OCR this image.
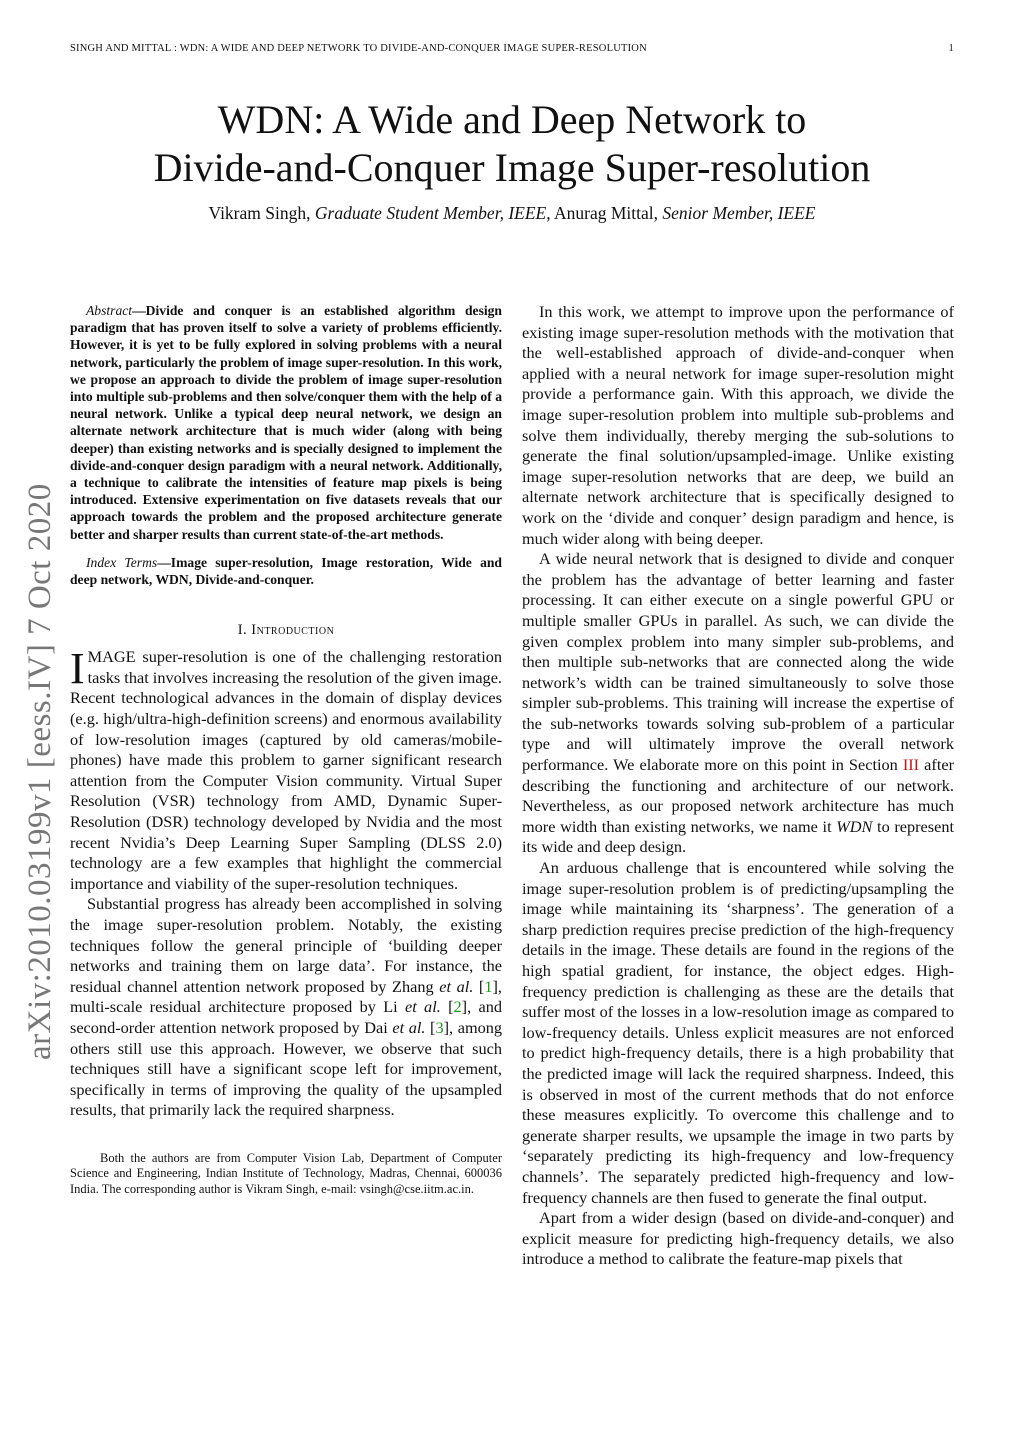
SINGH AND MITTAL : WDN: A WIDE AND DEEP NETWORK TO DIVIDE-AND-CONQUER IMAGE SUPER-RESOLUTION	1
WDN: A Wide and Deep Network to
Divide-and-Conquer Image Super-resolution
Vikram Singh, Graduate Student Member, IEEE, Anurag Mittal, Senior Member, IEEE
arXiv:2010.03199v1 [eess.IV] 7 Oct 2020

Abstract—Divide and conquer is an established algorithm design paradigm that has proven itself to solve a variety of problems efficiently. However, it is yet to be fully explored in solving problems with a neural network, particularly the problem of image super-resolution. In this work, we propose an approach to divide the problem of image super-resolution into multiple sub-problems and then solve/conquer them with the help of a neural network. Unlike a typical deep neural network, we design an alternate network architecture that is much wider (along with being deeper) than existing networks and is specially designed to implement the divide-and-conquer design paradigm with a neural network. Additionally, a technique to calibrate the intensities of feature map pixels is being introduced. Extensive experimentation on five datasets reveals that our approach towards the problem and the proposed architecture generate better and sharper results than current state-of-the-art methods.

Index Terms—Image super-resolution, Image restoration, Wide and deep network, WDN, Divide-and-conquer.

I. Introduction

IMAGE super-resolution is one of the challenging restoration tasks that involves increasing the resolution of the given image. Recent technological advances in the domain of display devices (e.g. high/ultra-high-definition screens) and enormous availability of low-resolution images (captured by old cameras/mobile-phones) have made this problem to garner significant research attention from the Computer Vision community. Virtual Super Resolution (VSR) technology from AMD, Dynamic Super-Resolution (DSR) technology developed by Nvidia and the most recent Nvidia’s Deep Learning Super Sampling (DLSS 2.0) technology are a few examples that highlight the commercial importance and viability of the super-resolution techniques.

Substantial progress has already been accomplished in solving the image super-resolution problem. Notably, the existing techniques follow the general principle of ‘building deeper networks and training them on large data’. For instance, the residual channel attention network proposed by Zhang et al. [1], multi-scale residual architecture proposed by Li et al. [2], and second-order attention network proposed by Dai et al. [3], among others still use this approach. However, we observe that such techniques still have a significant scope left for improvement, specifically in terms of improving the quality of the upsampled results, that primarily lack the required sharpness.

Both the authors are from Computer Vision Lab, Department of Computer Science and Engineering, Indian Institute of Technology, Madras, Chennai, 600036 India. The corresponding author is Vikram Singh, e-mail: vsingh@cse.iitm.ac.in.

In this work, we attempt to improve upon the performance of existing image super-resolution methods with the motivation that the well-established approach of divide-and-conquer when applied with a neural network for image super-resolution might provide a performance gain. With this approach, we divide the image super-resolution problem into multiple sub-problems and solve them individually, thereby merging the sub-solutions to generate the final solution/upsampled-image. Unlike existing image super-resolution networks that are deep, we build an alternate network architecture that is specifically designed to work on the ‘divide and conquer’ design paradigm and hence, is much wider along with being deeper.

A wide neural network that is designed to divide and conquer the problem has the advantage of better learning and faster processing. It can either execute on a single powerful GPU or multiple smaller GPUs in parallel. As such, we can divide the given complex problem into many simpler sub-problems, and then multiple sub-networks that are connected along the wide network’s width can be trained simultaneously to solve those simpler sub-problems. This training will increase the expertise of the sub-networks towards solving sub-problem of a particular type and will ultimately improve the overall network performance. We elaborate more on this point in Section III after describing the functioning and architecture of our network. Nevertheless, as our proposed network architecture has much more width than existing networks, we name it WDN to represent its wide and deep design.

An arduous challenge that is encountered while solving the image super-resolution problem is of predicting/upsampling the image while maintaining its ‘sharpness’. The generation of a sharp prediction requires precise prediction of the high-frequency details in the image. These details are found in the regions of the high spatial gradient, for instance, the object edges. High-frequency prediction is challenging as these are the details that suffer most of the losses in a low-resolution image as compared to low-frequency details. Unless explicit measures are not enforced to predict high-frequency details, there is a high probability that the predicted image will lack the required sharpness. Indeed, this is observed in most of the current methods that do not enforce these measures explicitly. To overcome this challenge and to generate sharper results, we upsample the image in two parts by ‘separately predicting its high-frequency and low-frequency channels’. The separately predicted high-frequency and low-frequency channels are then fused to generate the final output.

Apart from a wider design (based on divide-and-conquer) and explicit measure for predicting high-frequency details, we also introduce a method to calibrate the feature-map pixels that
